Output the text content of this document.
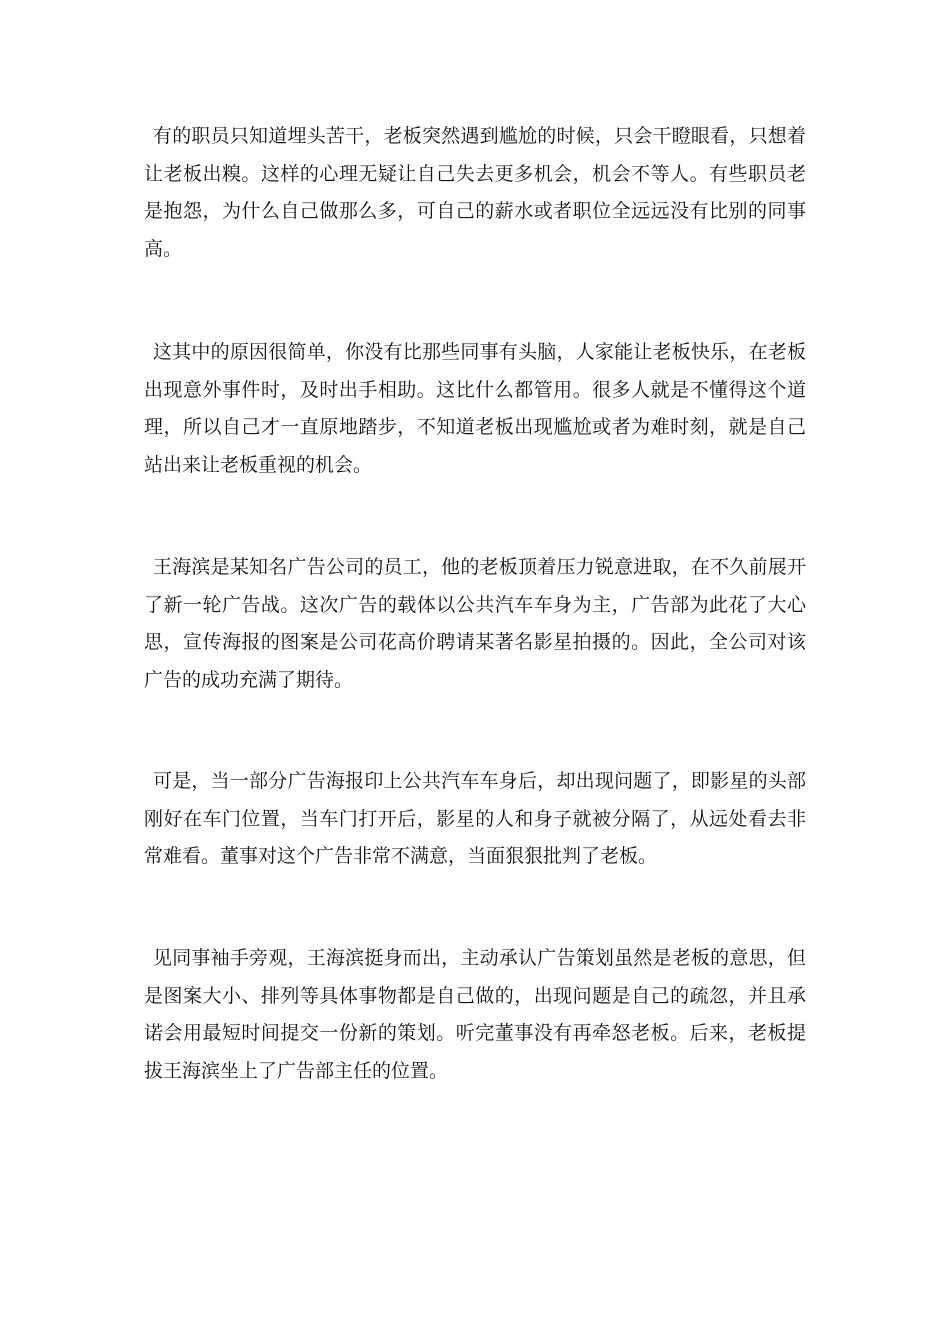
有的职员只知道埋头苦干，老板突然遇到尴尬的时候，只会干瞪眼看，只想着让老板出糗。这样的心理无疑让自己失去更多机会，机会不等人。有些职员老是抱怨，为什么自己做那么多，可自己的薪水或者职位全远远没有比别的同事高。

这其中的原因很简单，你没有比那些同事有头脑，人家能让老板快乐，在老板出现意外事件时，及时出手相助。这比什么都管用。很多人就是不懂得这个道理，所以自己才一直原地踏步，不知道老板出现尴尬或者为难时刻，就是自己站出来让老板重视的机会。

王海滨是某知名广告公司的员工，他的老板顶着压力锐意进取，在不久前展开了新一轮广告战。这次广告的载体以公共汽车车身为主，广告部为此花了大心思，宣传海报的图案是公司花高价聘请某著名影星拍摄的。因此，全公司对该广告的成功充满了期待。

可是，当一部分广告海报印上公共汽车车身后，却出现问题了，即影星的头部刚好在车门位置，当车门打开后，影星的人和身子就被分隔了，从远处看去非常难看。董事对这个广告非常不满意，当面狠狠批判了老板。

见同事袖手旁观，王海滨挺身而出，主动承认广告策划虽然是老板的意思，但是图案大小、排列等具体事物都是自己做的，出现问题是自己的疏忽，并且承诺会用最短时间提交一份新的策划。听完董事没有再牵怒老板。后来，老板提拔王海滨坐上了广告部主任的位置。
